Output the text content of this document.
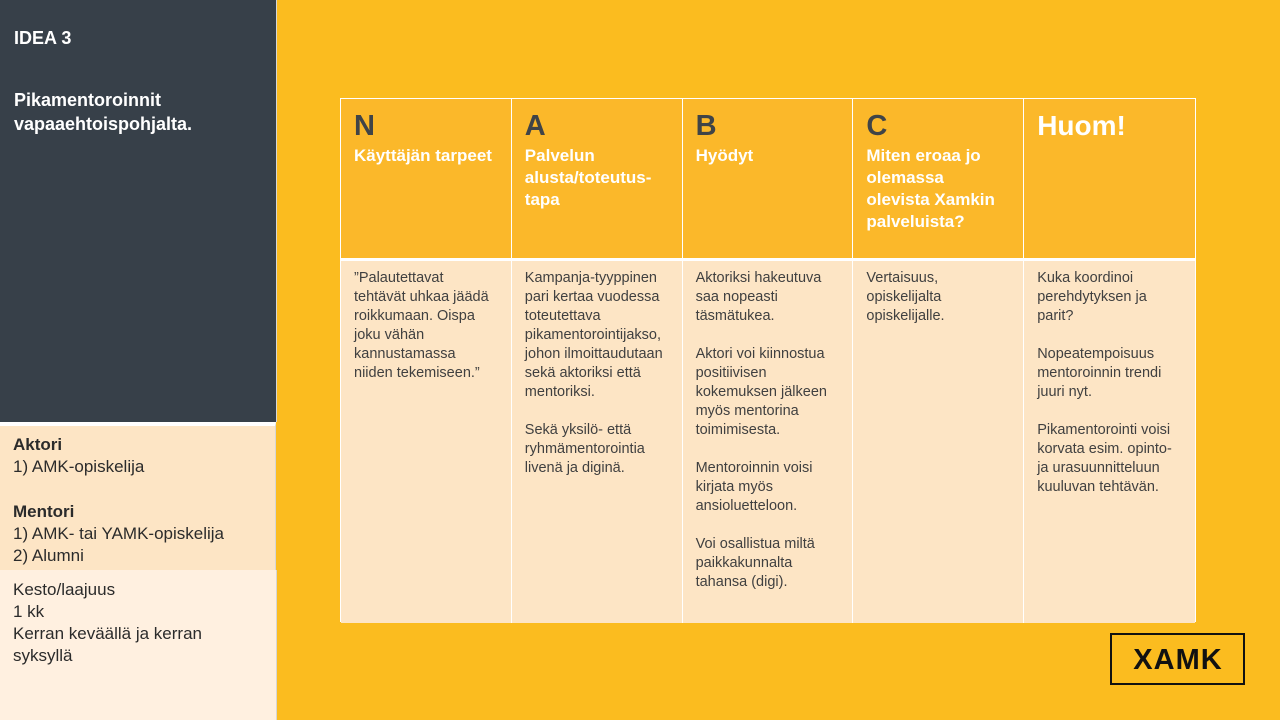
IDEA 3
Pikamentoroinnit vapaaehtoispohjalta.
Aktori
1) AMK-opiskelija
Mentori
1) AMK- tai YAMK-opiskelija
2) Alumni
Kesto/laajuus
1 kk
Kerran keväällä ja kerran syksyllä
N
Käyttäjän tarpeet
A
Palvelun alusta/toteutus-tapa
B
Hyödyt
C
Miten eroaa jo olemassa olevista Xamkin palveluista?
Huom!

”Palautettavat tehtävät uhkaa jäädä roikkumaan. Oispa joku vähän kannustamassa niiden tekemiseen.”

Kampanja-tyyppinen pari kertaa vuodessa toteutettava pikamentorointijakso, johon ilmoittaudutaan sekä aktoriksi että mentoriksi.

Sekä yksilö- että ryhmämentorointia livenä ja diginä.

Aktoriksi hakeutuva saa nopeasti täsmätukea.

Aktori voi kiinnostua positiivisen kokemuksen jälkeen myös mentorina toimimisesta.

Mentoroinnin voisi kirjata myös ansioluetteloon.

Voi osallistua miltä paikkakunnalta tahansa (digi).

Vertaisuus, opiskelijalta opiskelijalle.

Kuka koordinoi perehdytyksen ja parit?

Nopeatempoisuus mentoroinnin trendi juuri nyt.

Pikamentorointi voisi korvata esim. opinto- ja urasuunnitteluun kuuluvan tehtävän.

XAMK
